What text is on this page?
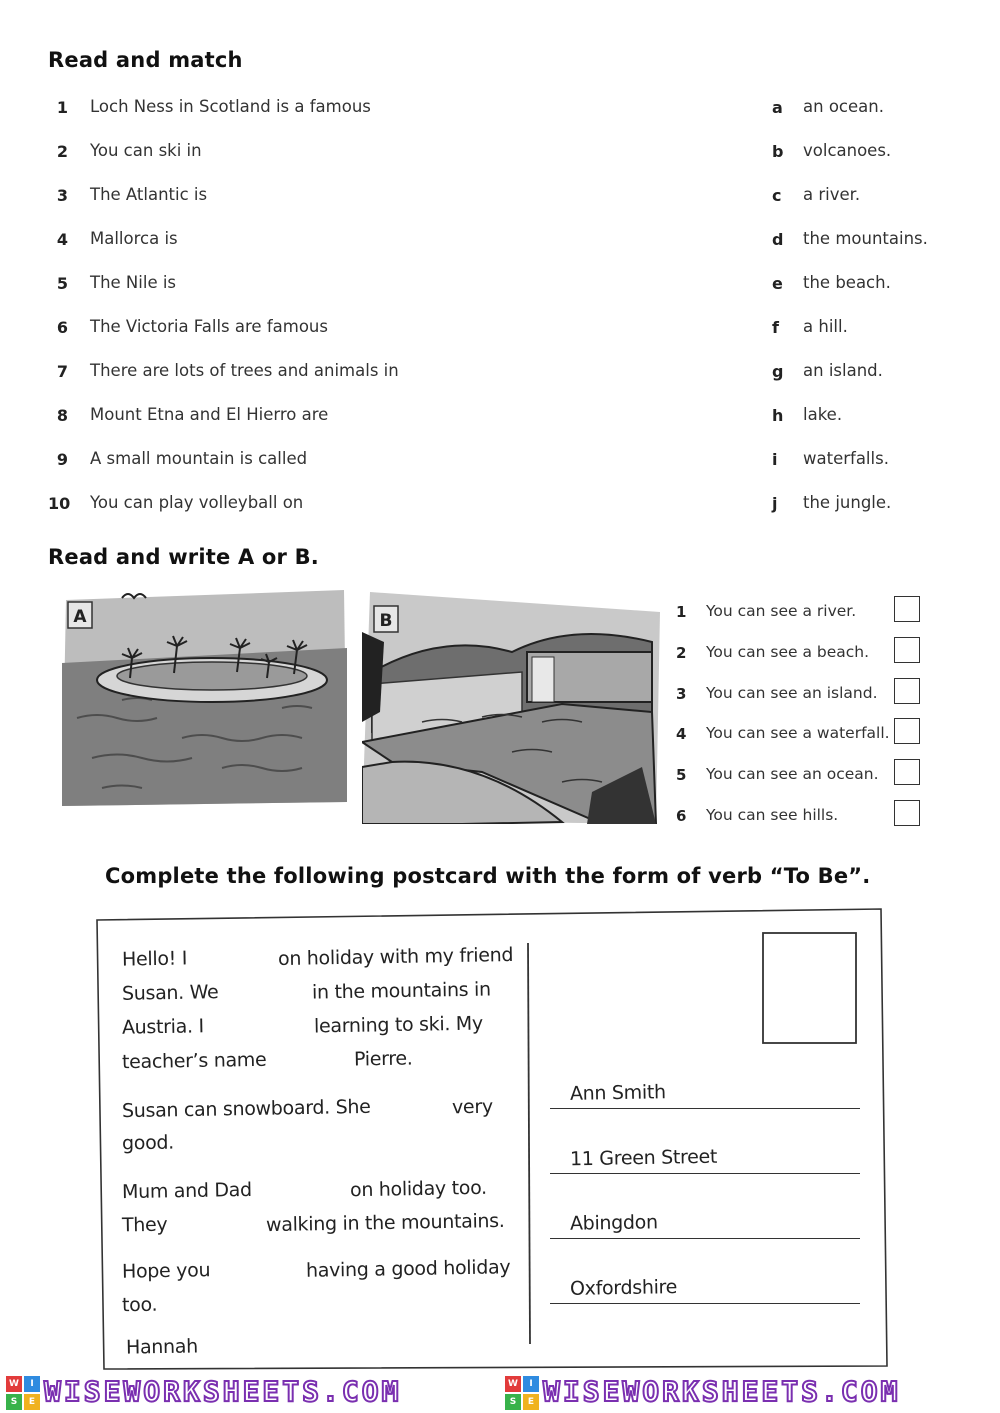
Read and match
1 Loch Ness in Scotland is a famous	a an ocean.
2 You can ski in	b volcanoes.
3 The Atlantic is	c a river.
4 Mallorca is	d the mountains.
5 The Nile is	e the beach.
6 The Victoria Falls are famous	f a hill.
7 There are lots of trees and animals in	g an island.
8 Mount Etna and El Hierro are	h lake.
9 A small mountain is called	i waterfalls.
10 You can play volleyball on	j the jungle.
Read and write A or B.
A	B	1 You can see a river.
2 You can see a beach.
3 You can see an island.
4 You can see a waterfall.
5 You can see an ocean.
6 You can see hills.
Complete the following postcard with the form of verb “To Be”.
Hello! I	on holiday with my friend
Susan. We	in the mountains in
Austria. I	learning to ski. My
teacher’s name	Pierre.
Susan can snowboard. She	very
good.
Mum and Dad	on holiday too.
They	walking in the mountains.
Hope you	having a good holiday
too.
Hannah
Ann Smith
11 Green Street
Abingdon
Oxfordshire
W	I
S	E WISEWORKSHEETS.COM	W	I
S	E WISEWORKSHEETS.COM
